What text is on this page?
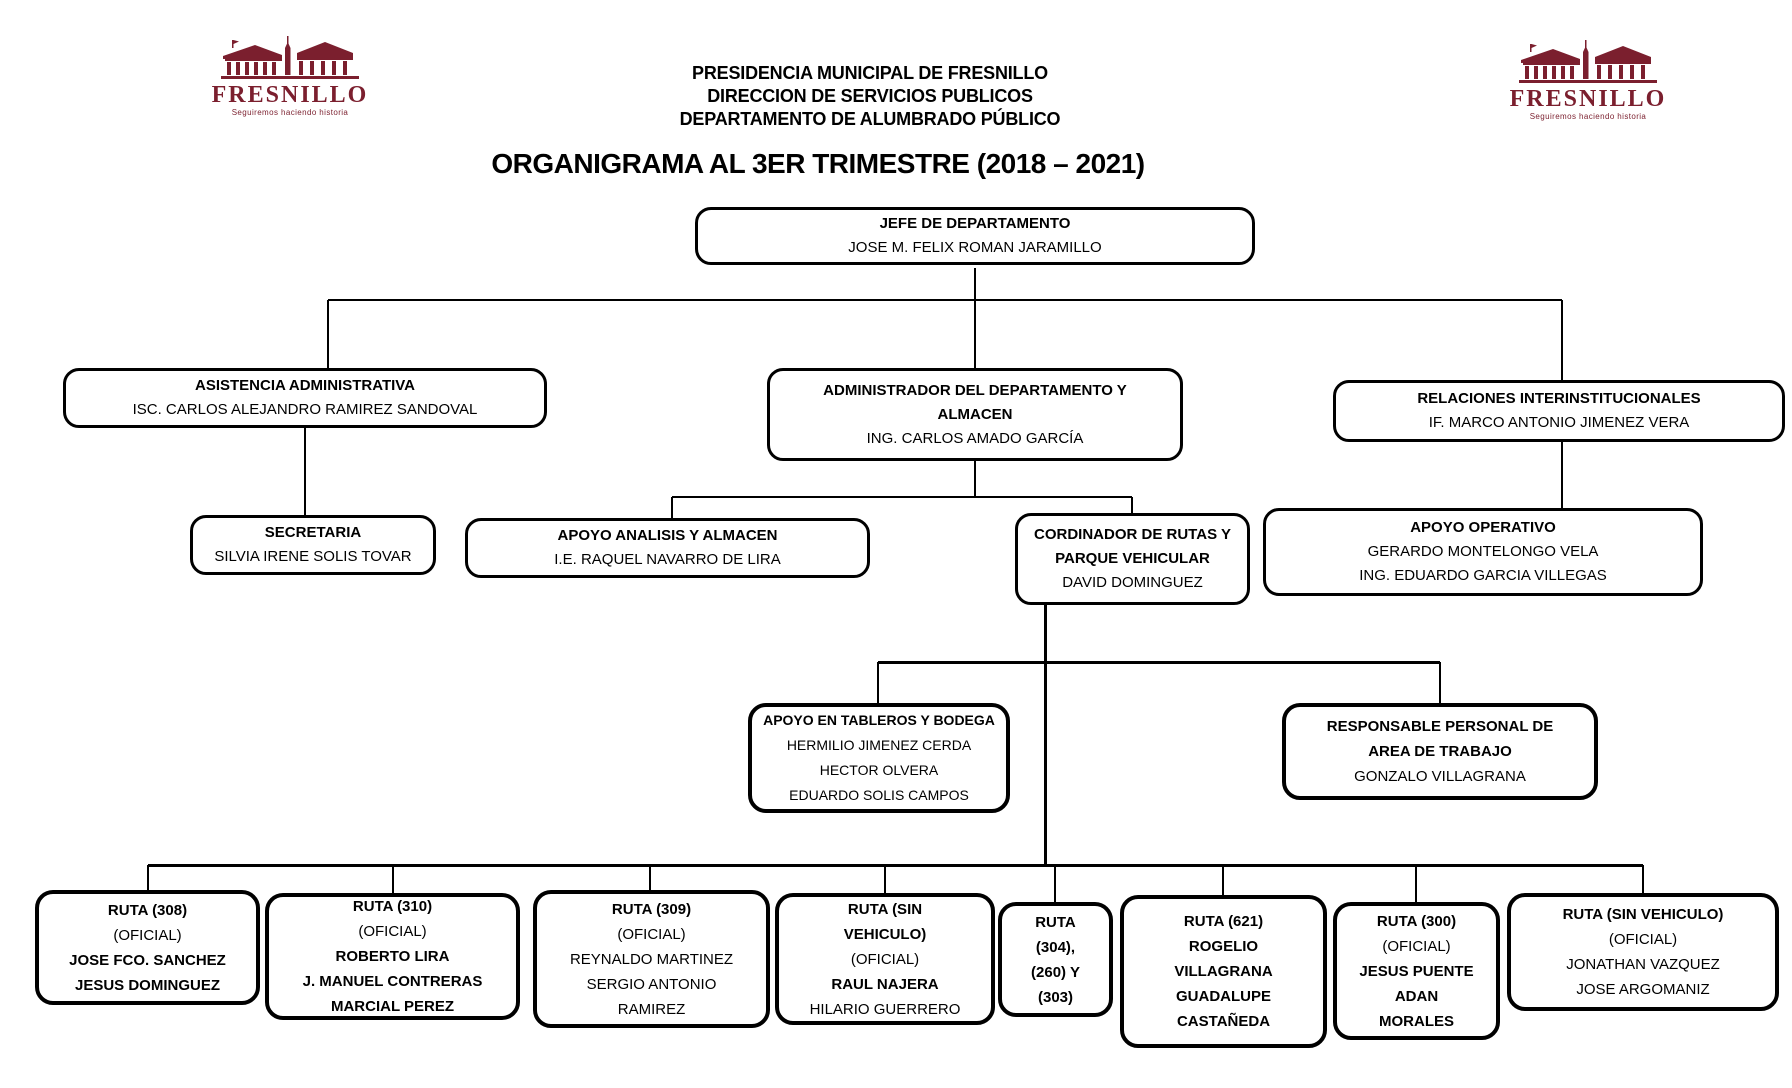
FRESNILLO
Seguiremos haciendo historia
FRESNILLO
Seguiremos haciendo historia
PRESIDENCIA MUNICIPAL DE FRESNILLO
DIRECCION DE SERVICIOS PUBLICOS
DEPARTAMENTO DE ALUMBRADO PÚBLICO
ORGANIGRAMA AL 3ER TRIMESTRE (2018 – 2021)
JEFE DE DEPARTAMENTO
JOSE M. FELIX ROMAN JARAMILLO
ASISTENCIA ADMINISTRATIVA
ISC. CARLOS ALEJANDRO RAMIREZ SANDOVAL
ADMINISTRADOR DEL DEPARTAMENTO Y
ALMACEN
ING. CARLOS AMADO GARCÍA
RELACIONES INTERINSTITUCIONALES
IF. MARCO ANTONIO JIMENEZ VERA
SECRETARIA
SILVIA IRENE SOLIS TOVAR
APOYO ANALISIS Y ALMACEN
I.E. RAQUEL NAVARRO DE LIRA
CORDINADOR DE RUTAS Y
PARQUE VEHICULAR
DAVID DOMINGUEZ
APOYO OPERATIVO
GERARDO MONTELONGO VELA
ING. EDUARDO GARCIA VILLEGAS
APOYO EN TABLEROS Y BODEGA
HERMILIO JIMENEZ CERDA
HECTOR OLVERA
EDUARDO SOLIS CAMPOS
RESPONSABLE PERSONAL DE
AREA DE TRABAJO
GONZALO VILLAGRANA
RUTA (308)
(OFICIAL)
JOSE FCO. SANCHEZ
JESUS DOMINGUEZ
RUTA (310)
(OFICIAL)
ROBERTO LIRA
J. MANUEL CONTRERAS
MARCIAL PEREZ
RUTA (309)
(OFICIAL)
REYNALDO MARTINEZ
SERGIO ANTONIO
RAMIREZ
RUTA (SIN
VEHICULO)
(OFICIAL)
RAUL NAJERA
HILARIO GUERRERO
RUTA
(304),
(260) Y
(303)
RUTA (621)
ROGELIO
VILLAGRANA
GUADALUPE
CASTAÑEDA
RUTA (300)
(OFICIAL)
JESUS PUENTE
ADAN
MORALES
RUTA (SIN VEHICULO)
(OFICIAL)
JONATHAN VAZQUEZ
JOSE ARGOMANIZ
